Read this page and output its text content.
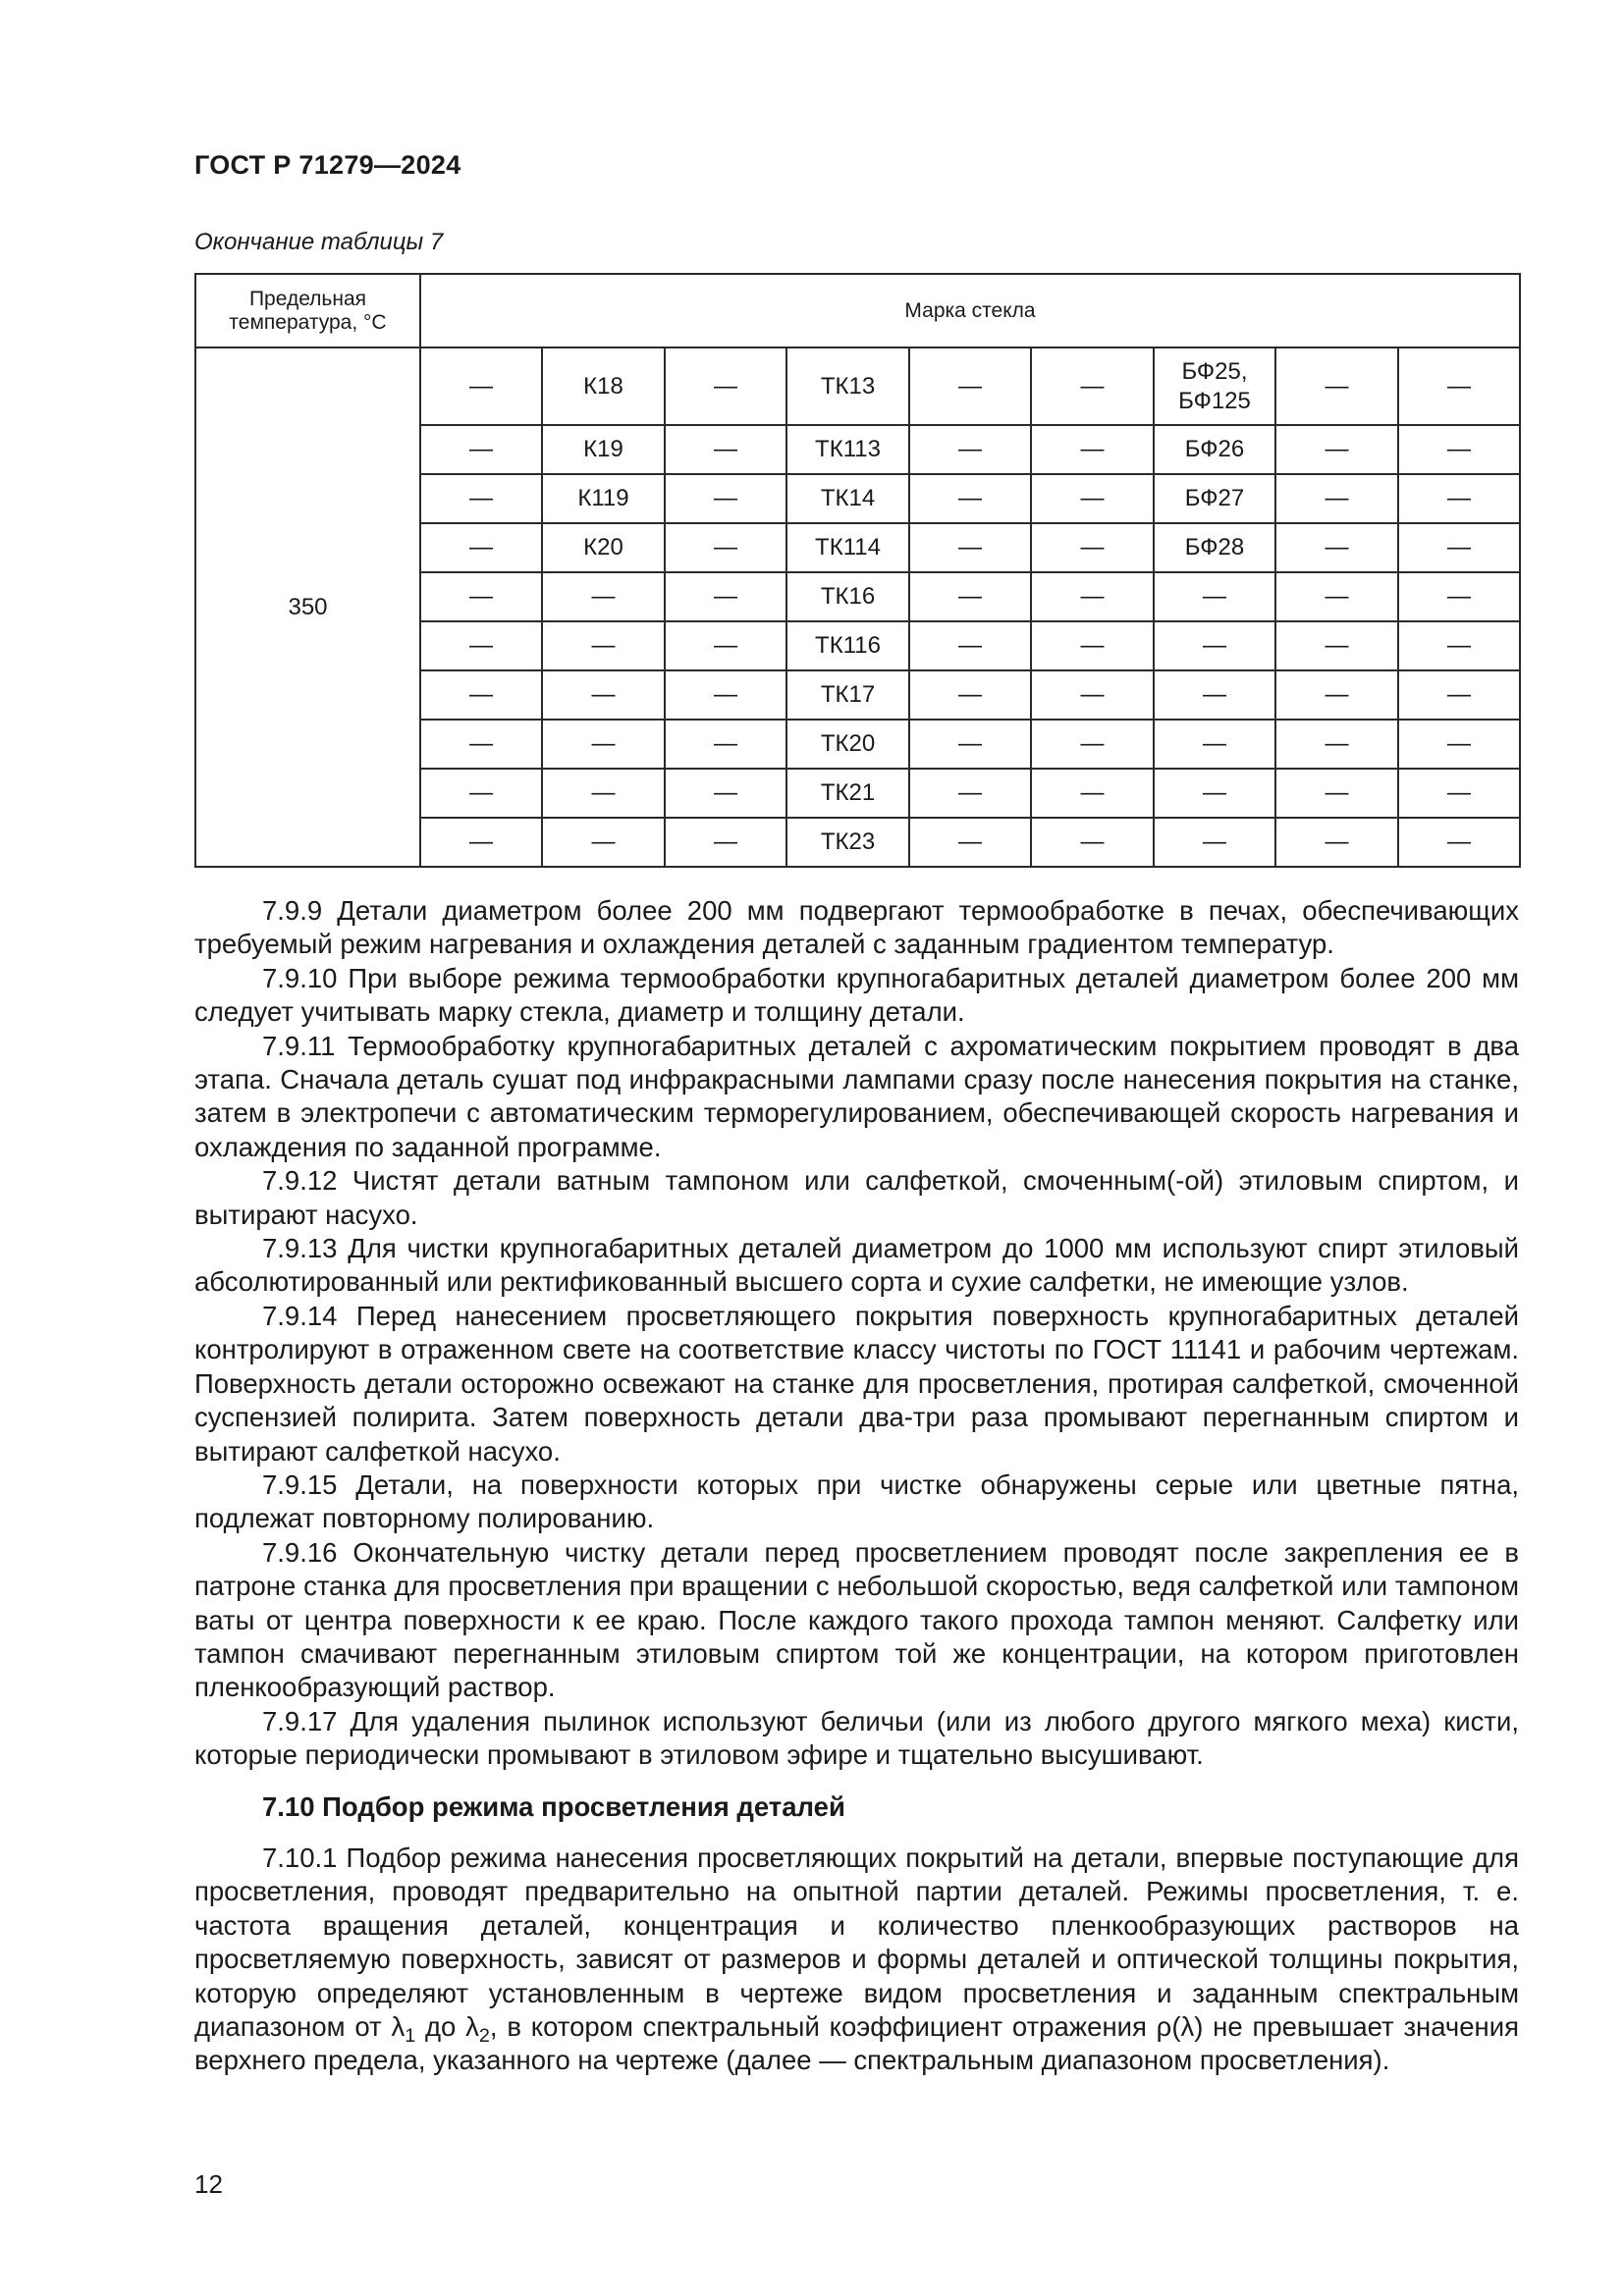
ГОСТ Р 71279—2024
Окончание таблицы 7
Предельная температура, °С	Марка стекла								
350	—	К18	—	ТК13	—	—	БФ25, БФ125	—	—
	—	К19	—	ТК113	—	—	БФ26	—	—
	—	К119	—	ТК14	—	—	БФ27	—	—
	—	К20	—	ТК114	—	—	БФ28	—	—
	—	—	—	ТК16	—	—	—	—	—
	—	—	—	ТК116	—	—	—	—	—
	—	—	—	ТК17	—	—	—	—	—
	—	—	—	ТК20	—	—	—	—	—
	—	—	—	ТК21	—	—	—	—	—
	—	—	—	ТК23	—	—	—	—	—

7.9.9 Детали диаметром более 200 мм подвергают термообработке в печах, обеспечивающих требуемый режим нагревания и охлаждения деталей с заданным градиентом температур.

7.9.10 При выборе режима термообработки крупногабаритных деталей диаметром более 200 мм следует учитывать марку стекла, диаметр и толщину детали.

7.9.11 Термообработку крупногабаритных деталей с ахроматическим покрытием проводят в два этапа. Сначала деталь сушат под инфракрасными лампами сразу после нанесения покрытия на станке, затем в электропечи с автоматическим терморегулированием, обеспечивающей скорость нагревания и охлаждения по заданной программе.

7.9.12 Чистят детали ватным тампоном или салфеткой, смоченным(-ой) этиловым спиртом, и вытирают насухо.

7.9.13 Для чистки крупногабаритных деталей диаметром до 1000 мм используют спирт этиловый абсолютированный или ректификованный высшего сорта и сухие салфетки, не имеющие узлов.

7.9.14 Перед нанесением просветляющего покрытия поверхность крупногабаритных деталей контролируют в отраженном свете на соответствие классу чистоты по ГОСТ 11141 и рабочим чертежам. Поверхность детали осторожно освежают на станке для просветления, протирая салфеткой, смоченной суспензией полирита. Затем поверхность детали два-три раза промывают перегнанным спиртом и вытирают салфеткой насухо.

7.9.15 Детали, на поверхности которых при чистке обнаружены серые или цветные пятна, подлежат повторному полированию.

7.9.16 Окончательную чистку детали перед просветлением проводят после закрепления ее в патроне станка для просветления при вращении с небольшой скоростью, ведя салфеткой или тампоном ваты от центра поверхности к ее краю. После каждого такого прохода тампон меняют. Салфетку или тампон смачивают перегнанным этиловым спиртом той же концентрации, на котором приготовлен пленкообразующий раствор.

7.9.17 Для удаления пылинок используют беличьи (или из любого другого мягкого меха) кисти, которые периодически промывают в этиловом эфире и тщательно высушивают.

7.10 Подбор режима просветления деталей

7.10.1 Подбор режима нанесения просветляющих покрытий на детали, впервые поступающие для просветления, проводят предварительно на опытной партии деталей. Режимы просветления, т. е. частота вращения деталей, концентрация и количество пленкообразующих растворов на просветляемую поверхность, зависят от размеров и формы деталей и оптической толщины покрытия, которую определяют установленным в чертеже видом просветления и заданным спектральным диапазоном от $\lambda_1$ до $\lambda_2$, в котором спектральный коэффициент отражения ρ(λ) не превышает значения верхнего предела, указанного на чертеже (далее — спектральным диапазоном просветления).

12
